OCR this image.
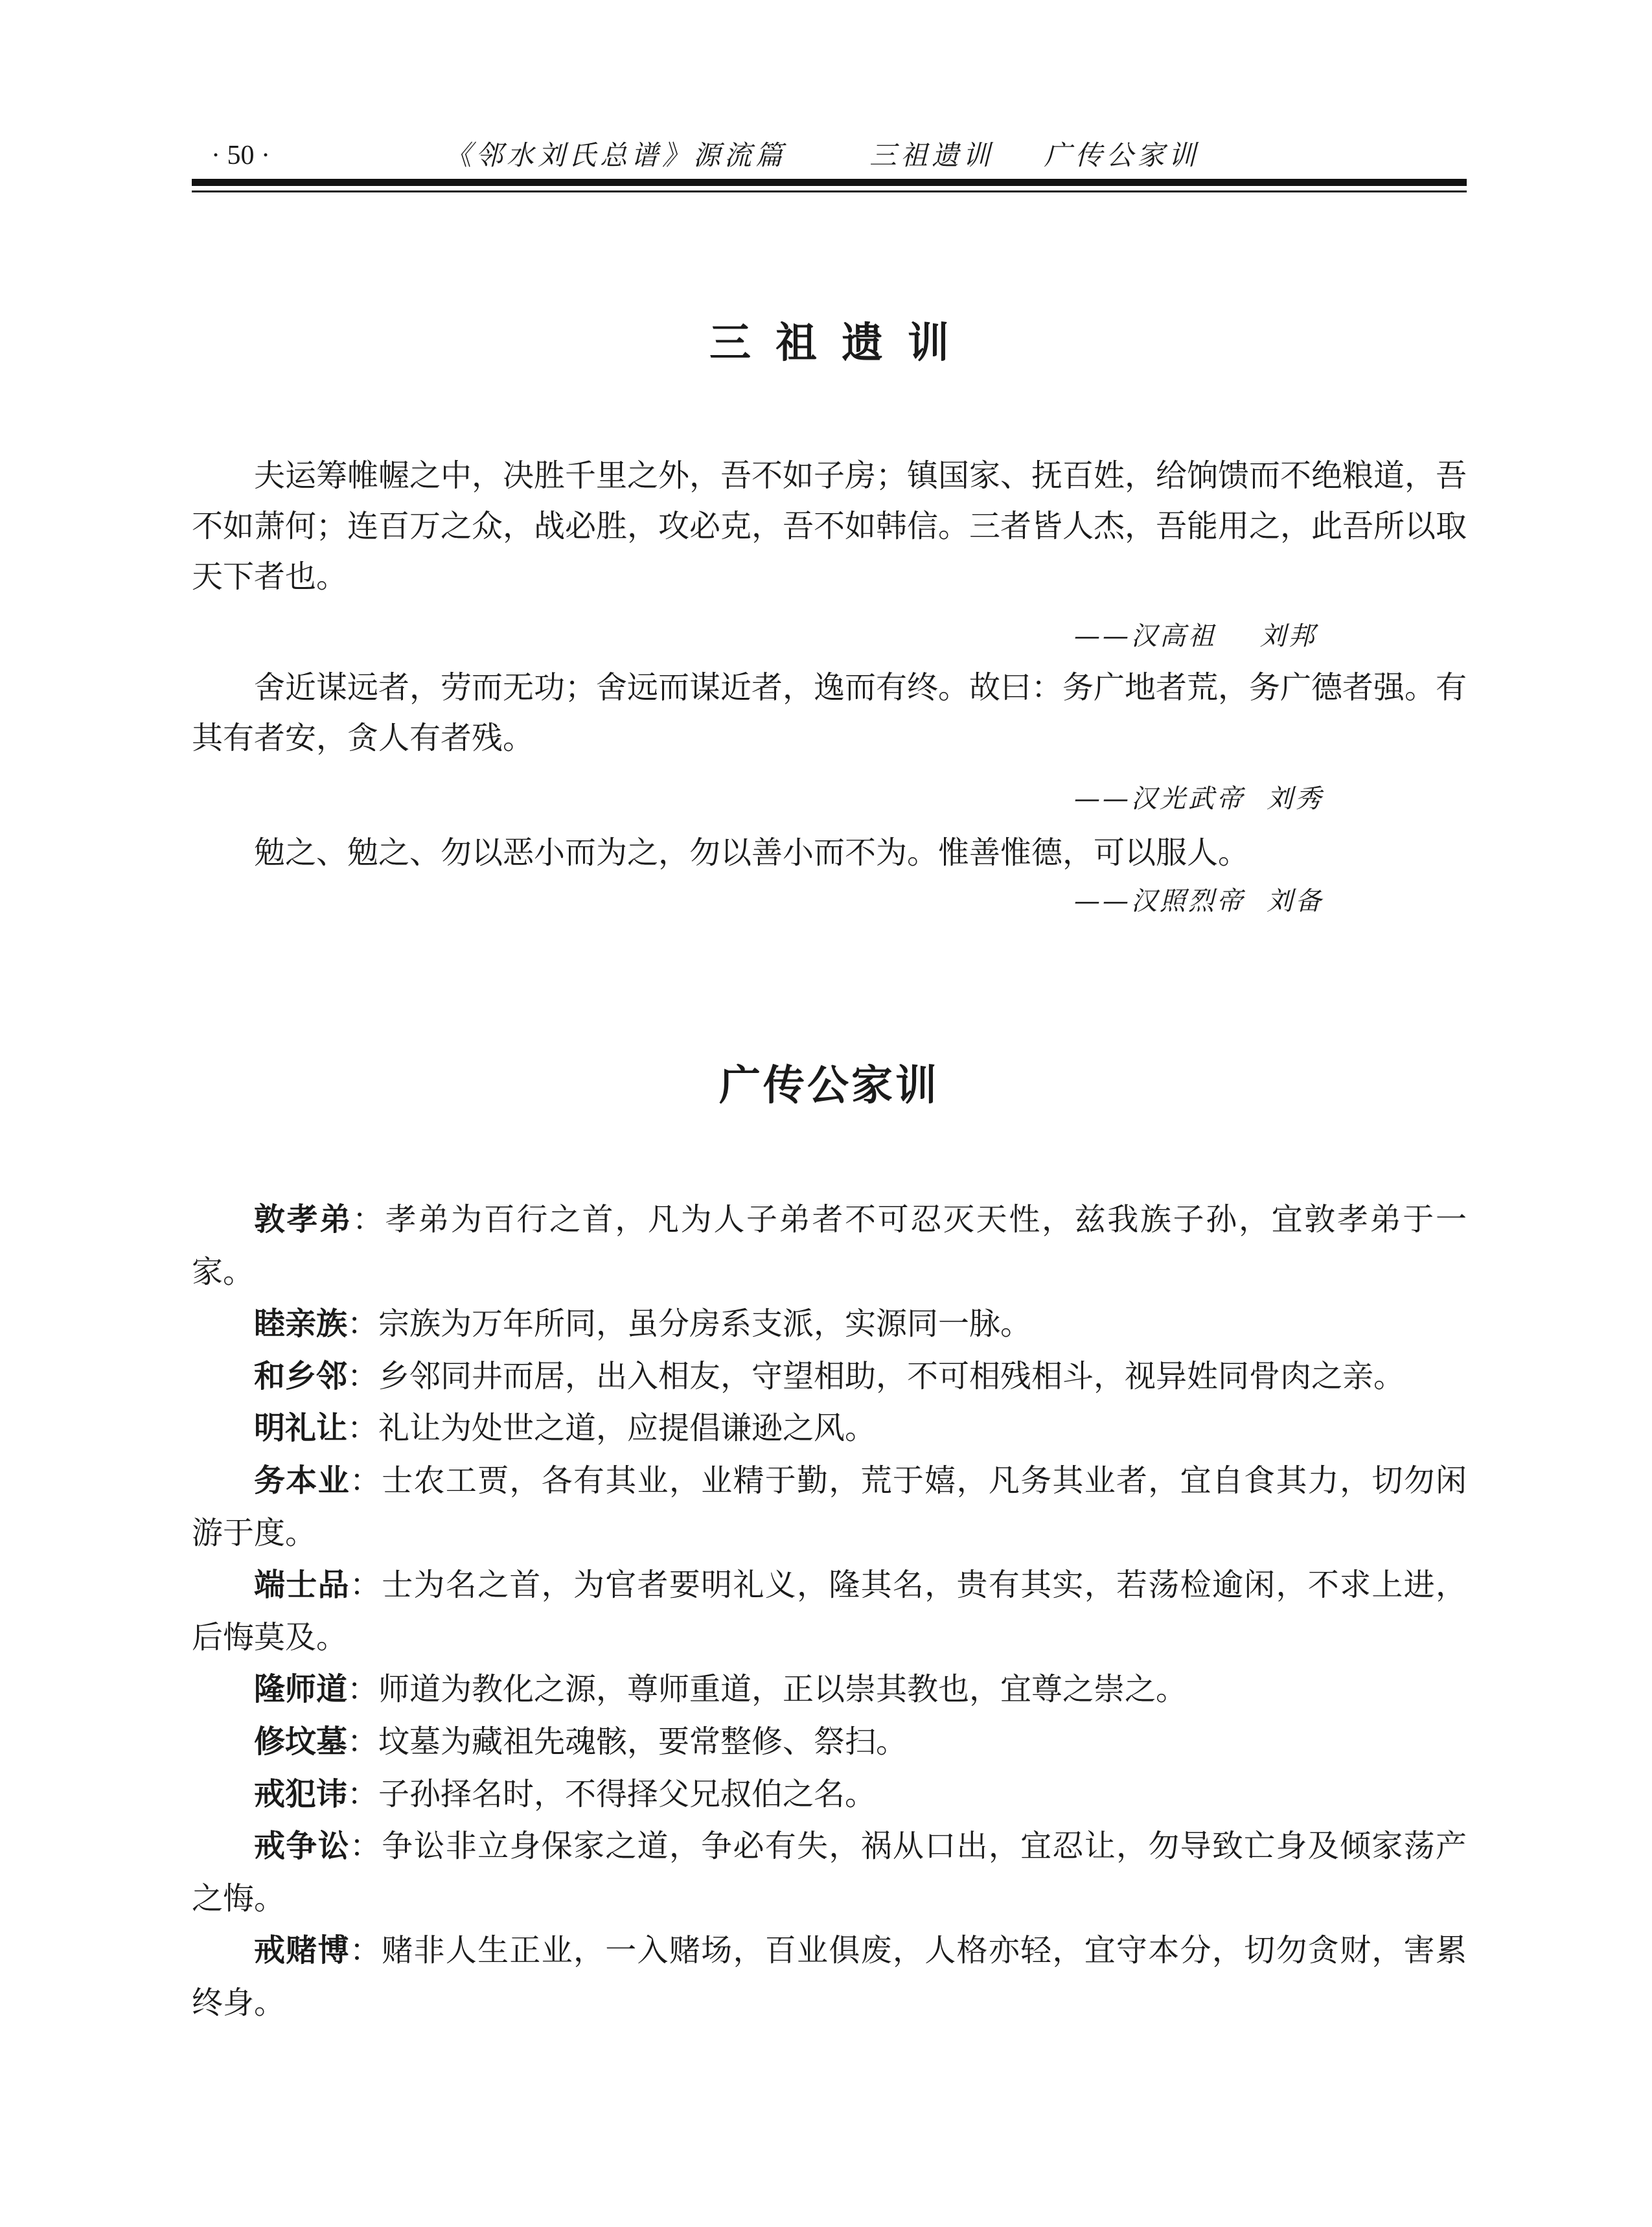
· 50 ·	《邻水刘氏总谱》源流篇	三祖遗训    广传公家训
三祖遗训

夫运筹帷幄之中，决胜千里之外，吾不如子房；镇国家、抚百姓，给饷馈而不绝粮道，吾不如萧何；连百万之众，战必胜，攻必克，吾不如韩信。三者皆人杰，吾能用之，此吾所以取天下者也。

——汉高祖    刘邦

舍近谋远者，劳而无功；舍远而谋近者，逸而有终。故曰：务广地者荒，务广德者强。有其有者安，贪人有者残。

——汉光武帝  刘秀

勉之、勉之、勿以恶小而为之，勿以善小而不为。惟善惟德，可以服人。

——汉照烈帝  刘备
广传公家训

敦孝弟：孝弟为百行之首，凡为人子弟者不可忍灭天性，兹我族子孙，宜敦孝弟于一家。

睦亲族：宗族为万年所同，虽分房系支派，实源同一脉。

和乡邻：乡邻同井而居，出入相友，守望相助，不可相残相斗，视异姓同骨肉之亲。

明礼让：礼让为处世之道，应提倡谦逊之风。

务本业：士农工贾，各有其业，业精于勤，荒于嬉，凡务其业者，宜自食其力，切勿闲游于度。

端士品：士为名之首，为官者要明礼义，隆其名，贵有其实，若荡检逾闲，不求上进，后悔莫及。

隆师道：师道为教化之源，尊师重道，正以崇其教也，宜尊之崇之。

修坟墓：坟墓为藏祖先魂骸，要常整修、祭扫。

戒犯讳：子孙择名时，不得择父兄叔伯之名。

戒争讼：争讼非立身保家之道，争必有失，祸从口出，宜忍让，勿导致亡身及倾家荡产之悔。

戒赌博：赌非人生正业，一入赌场，百业俱废，人格亦轻，宜守本分，切勿贪财，害累终身。
